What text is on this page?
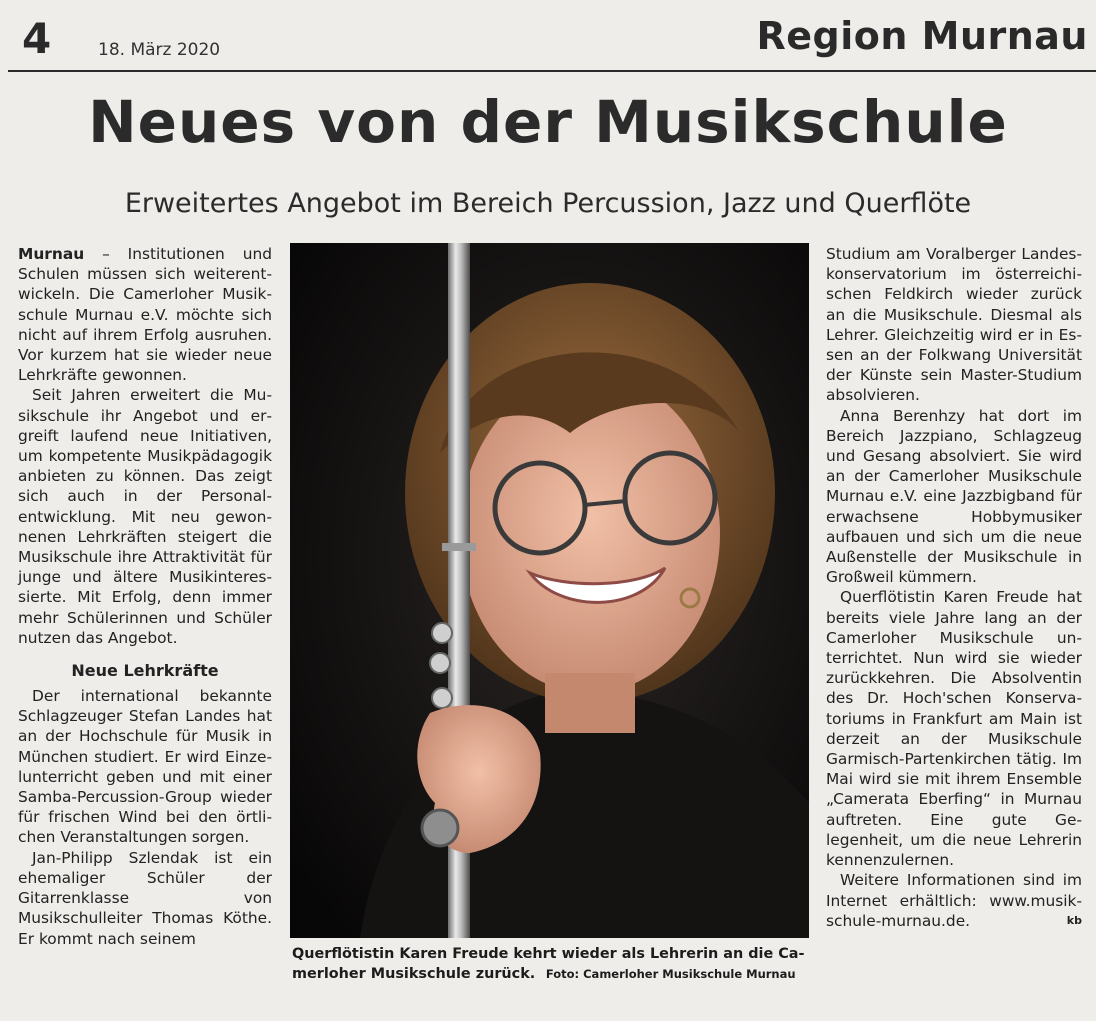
4	18. März 2020	Region Murnau
Neues von der Musikschule
Erweitertes Angebot im Bereich Percussion, Jazz und Querflöte

Murnau – Institutionen und Schulen müssen sich weiterentwickeln. Die Camerloher Musikschule Murnau e.V. möchte sich nicht auf ihrem Erfolg ausruhen. Vor kurzem hat sie wieder neue Lehrkräfte gewonnen.

Seit Jahren erweitert die Musikschule ihr Angebot und ergreift laufend neue Initiativen, um kompetente Musikpädagogik anbieten zu können. Das zeigt sich auch in der Personalentwicklung. Mit neu gewonnenen Lehrkräften steigert die Musikschule ihre Attraktivität für junge und ältere Musikinteressierte. Mit Erfolg, denn immer mehr Schülerinnen und Schüler nutzen das Angebot.

Neue Lehrkräfte

Der international bekannte Schlagzeuger Stefan Landes hat an der Hochschule für Musik in München studiert. Er wird Einzelunterricht geben und mit einer Samba-Percussion-Group wieder für frischen Wind bei den örtlichen Veranstaltungen sorgen.

Jan-Philipp Szlendak ist ein ehemaliger Schüler der Gitarrenklasse von Musikschulleiter Thomas Köthe. Er kommt nach seinem

Querflötistin Karen Freude kehrt wieder als Lehrerin an die Camerloher Musikschule zurück. Foto: Camerloher Musikschule Murnau

Studium am Voralberger Landeskonservatorium im österreichischen Feldkirch wieder zurück an die Musikschule. Diesmal als Lehrer. Gleichzeitig wird er in Essen an der Folkwang Universität der Künste sein Master-Studium absolvieren.

Anna Berenhzy hat dort im Bereich Jazzpiano, Schlagzeug und Gesang absolviert. Sie wird an der Camerloher Musikschule Murnau e.V. eine Jazzbigband für erwachsene Hobbymusiker aufbauen und sich um die neue Außenstelle der Musikschule in Großweil kümmern.

Querflötistin Karen Freude hat bereits viele Jahre lang an der Camerloher Musikschule unterrichtet. Nun wird sie wieder zurückkehren. Die Absolventin des Dr. Hoch'schen Konservatoriums in Frankfurt am Main ist derzeit an der Musikschule Garmisch-Partenkirchen tätig. Im Mai wird sie mit ihrem Ensemble „Camerata Eberfing“ in Murnau auftreten. Eine gute Gelegenheit, um die neue Lehrerin kennenzulernen.

Weitere Informationen sind im Internet erhältlich: www.musikschule-murnau.de.	kb
